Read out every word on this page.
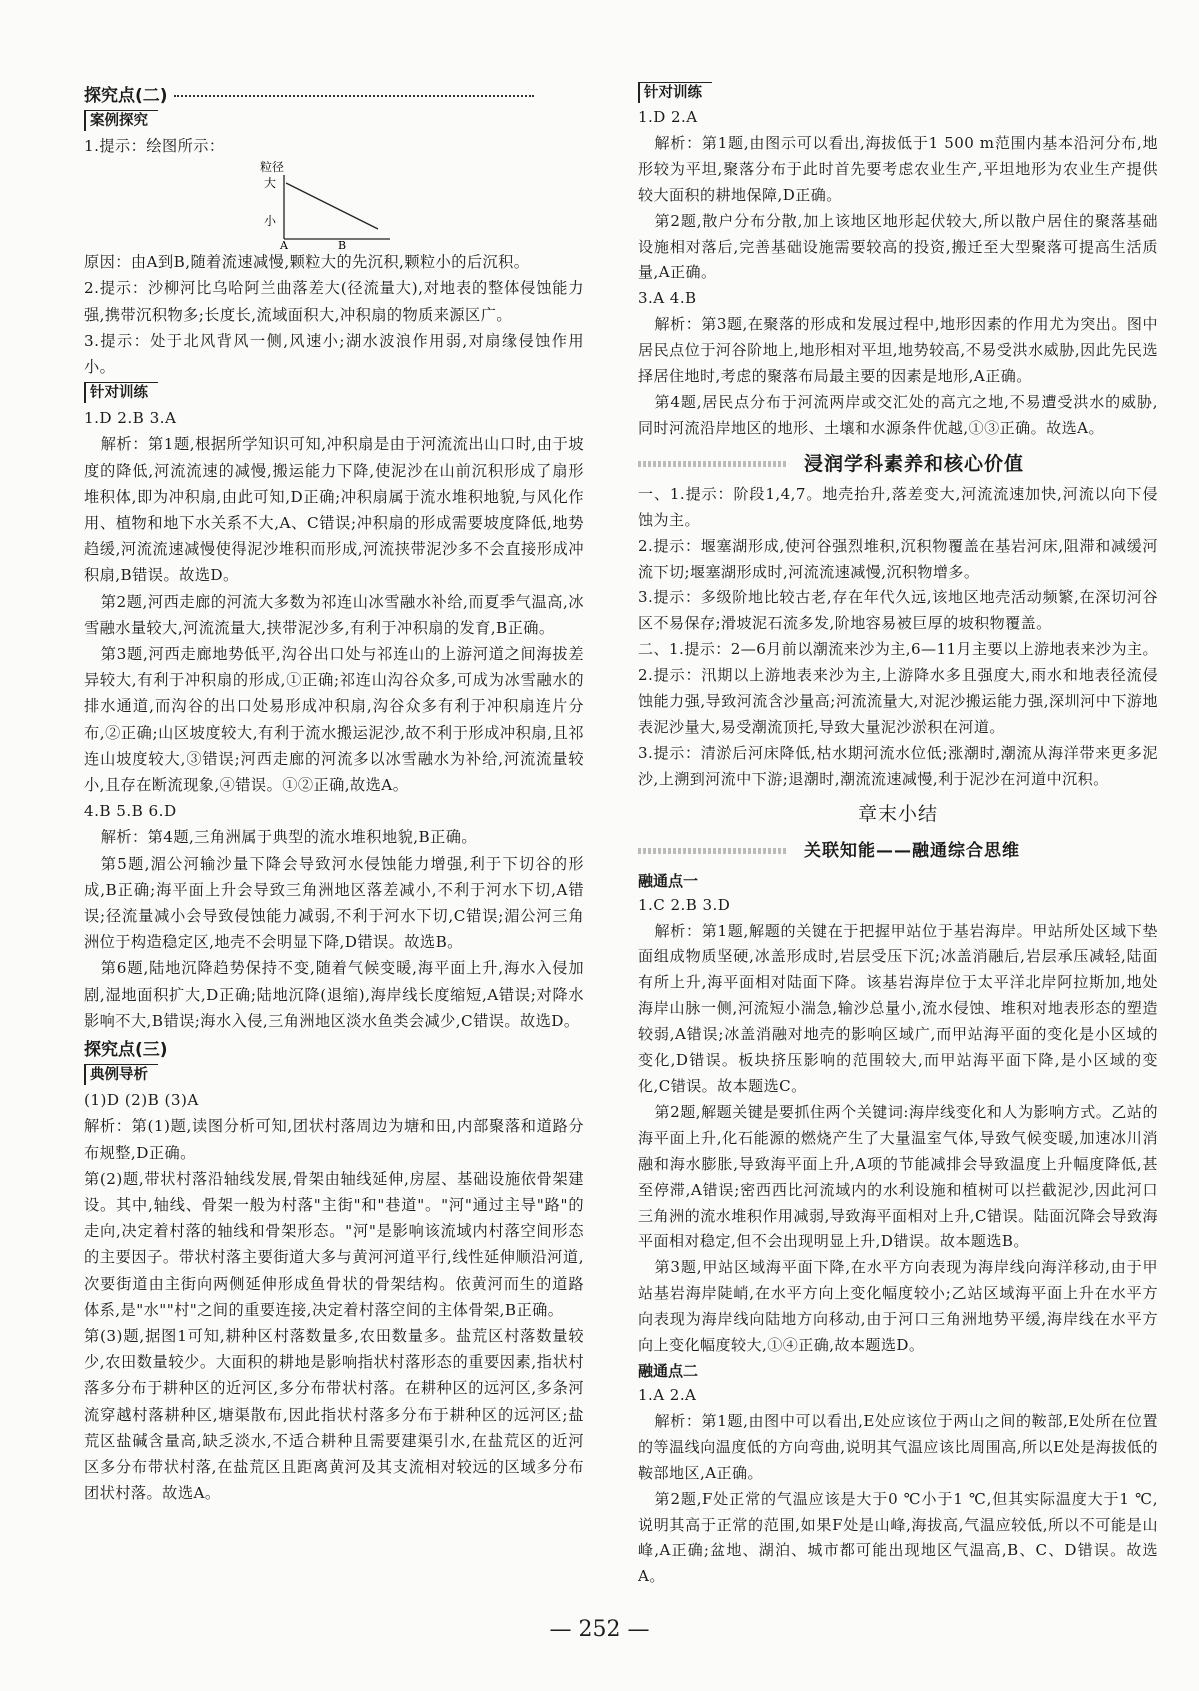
探究点(二)
案例探究

1.提示：绘图所示：

粒径
大
小
A	B

原因：由A到B,随着流速减慢,颗粒大的先沉积,颗粒小的后沉积。

2.提示：沙柳河比乌哈阿兰曲落差大(径流量大),对地表的整体侵蚀能力强,携带沉积物多;长度长,流域面积大,冲积扇的物质来源区广。

3.提示：处于北风背风一侧,风速小;湖水波浪作用弱,对扇缘侵蚀作用小。

针对训练

1.D 2.B 3.A

解析：第1题,根据所学知识可知,冲积扇是由于河流流出山口时,由于坡度的降低,河流流速的减慢,搬运能力下降,使泥沙在山前沉积形成了扇形堆积体,即为冲积扇,由此可知,D正确;冲积扇属于流水堆积地貌,与风化作用、植物和地下水关系不大,A、C错误;冲积扇的形成需要坡度降低,地势趋缓,河流流速减慢使得泥沙堆积而形成,河流挟带泥沙多不会直接形成冲积扇,B错误。故选D。

第2题,河西走廊的河流大多数为祁连山冰雪融水补给,而夏季气温高,冰雪融水量较大,河流流量大,挟带泥沙多,有利于冲积扇的发育,B正确。

第3题,河西走廊地势低平,沟谷出口处与祁连山的上游河道之间海拔差异较大,有利于冲积扇的形成,①正确;祁连山沟谷众多,可成为冰雪融水的排水通道,而沟谷的出口处易形成冲积扇,沟谷众多有利于冲积扇连片分布,②正确;山区坡度较大,有利于流水搬运泥沙,故不利于形成冲积扇,且祁连山坡度较大,③错误;河西走廊的河流多以冰雪融水为补给,河流流量较小,且存在断流现象,④错误。①②正确,故选A。

4.B 5.B 6.D

解析：第4题,三角洲属于典型的流水堆积地貌,B正确。

第5题,湄公河输沙量下降会导致河水侵蚀能力增强,利于下切谷的形成,B正确;海平面上升会导致三角洲地区落差减小,不利于河水下切,A错误;径流量减小会导致侵蚀能力减弱,不利于河水下切,C错误;湄公河三角洲位于构造稳定区,地壳不会明显下降,D错误。故选B。

第6题,陆地沉降趋势保持不变,随着气候变暖,海平面上升,海水入侵加剧,湿地面积扩大,D正确;陆地沉降(退缩),海岸线长度缩短,A错误;对降水影响不大,B错误;海水入侵,三角洲地区淡水鱼类会减少,C错误。故选D。

探究点(三)
典例导析

(1)D (2)B (3)A

解析：第(1)题,读图分析可知,团状村落周边为塘和田,内部聚落和道路分布规整,D正确。

第(2)题,带状村落沿轴线发展,骨架由轴线延伸,房屋、基础设施依骨架建设。其中,轴线、骨架一般为村落"主街"和"巷道"。"河"通过主导"路"的走向,决定着村落的轴线和骨架形态。"河"是影响该流域内村落空间形态的主要因子。带状村落主要街道大多与黄河河道平行,线性延伸顺沿河道,次要街道由主街向两侧延伸形成鱼骨状的骨架结构。依黄河而生的道路体系,是"水""村"之间的重要连接,决定着村落空间的主体骨架,B正确。

第(3)题,据图1可知,耕种区村落数量多,农田数量多。盐荒区村落数量较少,农田数量较少。大面积的耕地是影响指状村落形态的重要因素,指状村落多分布于耕种区的近河区,多分布带状村落。在耕种区的远河区,多条河流穿越村落耕种区,塘渠散布,因此指状村落多分布于耕种区的远河区;盐荒区盐碱含量高,缺乏淡水,不适合耕种且需要建渠引水,在盐荒区的近河区多分布带状村落,在盐荒区且距离黄河及其支流相对较远的区域多分布团状村落。故选A。

针对训练

1.D 2.A

解析：第1题,由图示可以看出,海拔低于1 500 m范围内基本沿河分布,地形较为平坦,聚落分布于此时首先要考虑农业生产,平坦地形为农业生产提供较大面积的耕地保障,D正确。

第2题,散户分布分散,加上该地区地形起伏较大,所以散户居住的聚落基础设施相对落后,完善基础设施需要较高的投资,搬迁至大型聚落可提高生活质量,A正确。

3.A 4.B

解析：第3题,在聚落的形成和发展过程中,地形因素的作用尤为突出。图中居民点位于河谷阶地上,地形相对平坦,地势较高,不易受洪水威胁,因此先民选择居住地时,考虑的聚落布局最主要的因素是地形,A正确。

第4题,居民点分布于河流两岸或交汇处的高亢之地,不易遭受洪水的威胁,同时河流沿岸地区的地形、土壤和水源条件优越,①③正确。故选A。

浸润学科素养和核心价值

一、1.提示：阶段1,4,7。地壳抬升,落差变大,河流流速加快,河流以向下侵蚀为主。

2.提示：堰塞湖形成,使河谷强烈堆积,沉积物覆盖在基岩河床,阻滞和减缓河流下切;堰塞湖形成时,河流流速减慢,沉积物增多。

3.提示：多级阶地比较古老,存在年代久远,该地区地壳活动频繁,在深切河谷区不易保存;滑坡泥石流多发,阶地容易被巨厚的坡积物覆盖。

二、1.提示：2—6月前以潮流来沙为主,6—11月主要以上游地表来沙为主。

2.提示：汛期以上游地表来沙为主,上游降水多且强度大,雨水和地表径流侵蚀能力强,导致河流含沙量高;河流流量大,对泥沙搬运能力强,深圳河中下游地表泥沙量大,易受潮流顶托,导致大量泥沙淤积在河道。

3.提示：清淤后河床降低,枯水期河流水位低;涨潮时,潮流从海洋带来更多泥沙,上溯到河流中下游;退潮时,潮流流速减慢,利于泥沙在河道中沉积。

章末小结
关联知能——融通综合思维
融通点一

1.C 2.B 3.D

解析：第1题,解题的关键在于把握甲站位于基岩海岸。甲站所处区域下垫面组成物质坚硬,冰盖形成时,岩层受压下沉;冰盖消融后,岩层承压减轻,陆面有所上升,海平面相对陆面下降。该基岩海岸位于太平洋北岸阿拉斯加,地处海岸山脉一侧,河流短小湍急,输沙总量小,流水侵蚀、堆积对地表形态的塑造较弱,A错误;冰盖消融对地壳的影响区域广,而甲站海平面的变化是小区域的变化,D错误。板块挤压影响的范围较大,而甲站海平面下降,是小区域的变化,C错误。故本题选C。

第2题,解题关键是要抓住两个关键词:海岸线变化和人为影响方式。乙站的海平面上升,化石能源的燃烧产生了大量温室气体,导致气候变暖,加速冰川消融和海水膨胀,导致海平面上升,A项的节能减排会导致温度上升幅度降低,甚至停滞,A错误;密西西比河流域内的水利设施和植树可以拦截泥沙,因此河口三角洲的流水堆积作用减弱,导致海平面相对上升,C错误。陆面沉降会导致海平面相对稳定,但不会出现明显上升,D错误。故本题选B。

第3题,甲站区域海平面下降,在水平方向表现为海岸线向海洋移动,由于甲站基岩海岸陡峭,在水平方向上变化幅度较小;乙站区域海平面上升在水平方向表现为海岸线向陆地方向移动,由于河口三角洲地势平缓,海岸线在水平方向上变化幅度较大,①④正确,故本题选D。

融通点二

1.A 2.A

解析：第1题,由图中可以看出,E处应该位于两山之间的鞍部,E处所在位置的等温线向温度低的方向弯曲,说明其气温应该比周围高,所以E处是海拔低的鞍部地区,A正确。

第2题,F处正常的气温应该是大于0 ℃小于1 ℃,但其实际温度大于1 ℃,说明其高于正常的范围,如果F处是山峰,海拔高,气温应较低,所以不可能是山峰,A正确;盆地、湖泊、城市都可能出现地区气温高,B、C、D错误。故选A。

— 252 —
